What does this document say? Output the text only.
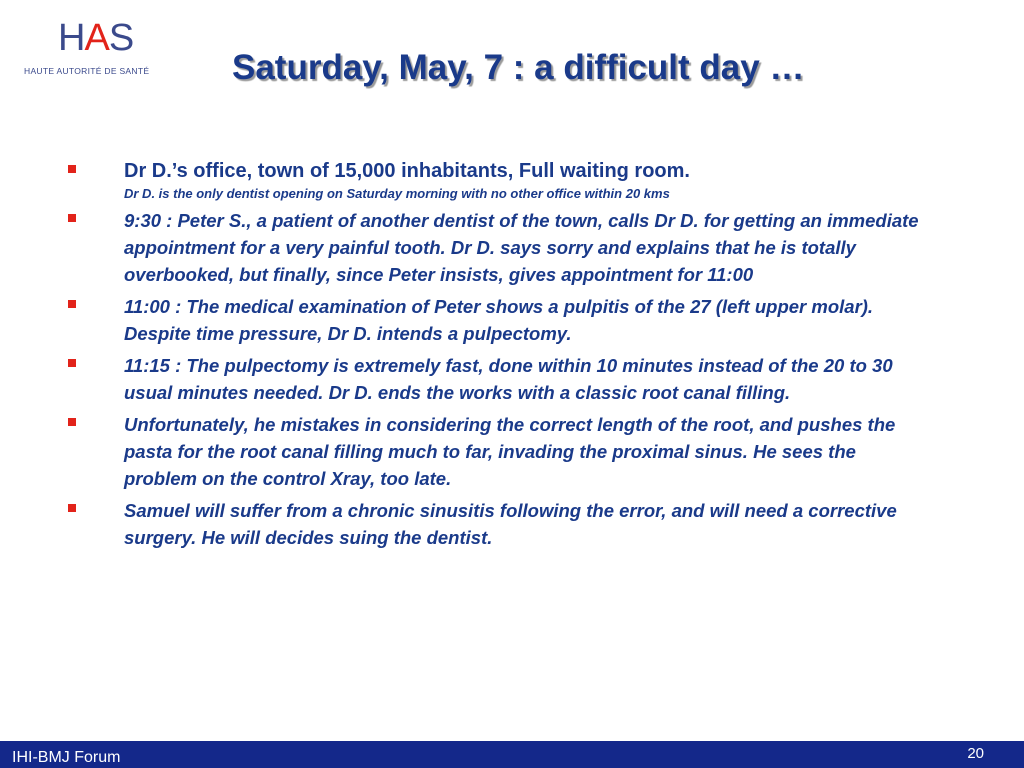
HAS
HAUTE AUTORITÉ DE SANTÉ Saturday, May, 7 : a difficult day …
Dr D.’s office, town of 15,000 inhabitants, Full waiting room.
Dr D. is the only dentist opening on Saturday morning with no other office within 20 kms
9:30 : Peter S., a patient of another dentist of the town, calls Dr D. for getting an immediate appointment for a very painful tooth. Dr D. says sorry and explains that he is totally overbooked, but finally, since Peter insists, gives appointment for 11:00
11:00 : The medical examination of Peter shows a pulpitis of the 27 (left upper molar). Despite time pressure, Dr D. intends a pulpectomy.
11:15 : The pulpectomy is extremely fast, done within 10 minutes instead of the 20 to 30 usual minutes needed. Dr D. ends the works with a classic root canal filling.
Unfortunately, he mistakes in considering the correct length of the root, and pushes the pasta for the root canal filling much to far, invading the proximal sinus. He sees the problem on the control Xray, too late.
Samuel will suffer from a chronic sinusitis following the error, and will need a corrective surgery. He will decides suing the dentist.
IHI-BMJ Forum	20
